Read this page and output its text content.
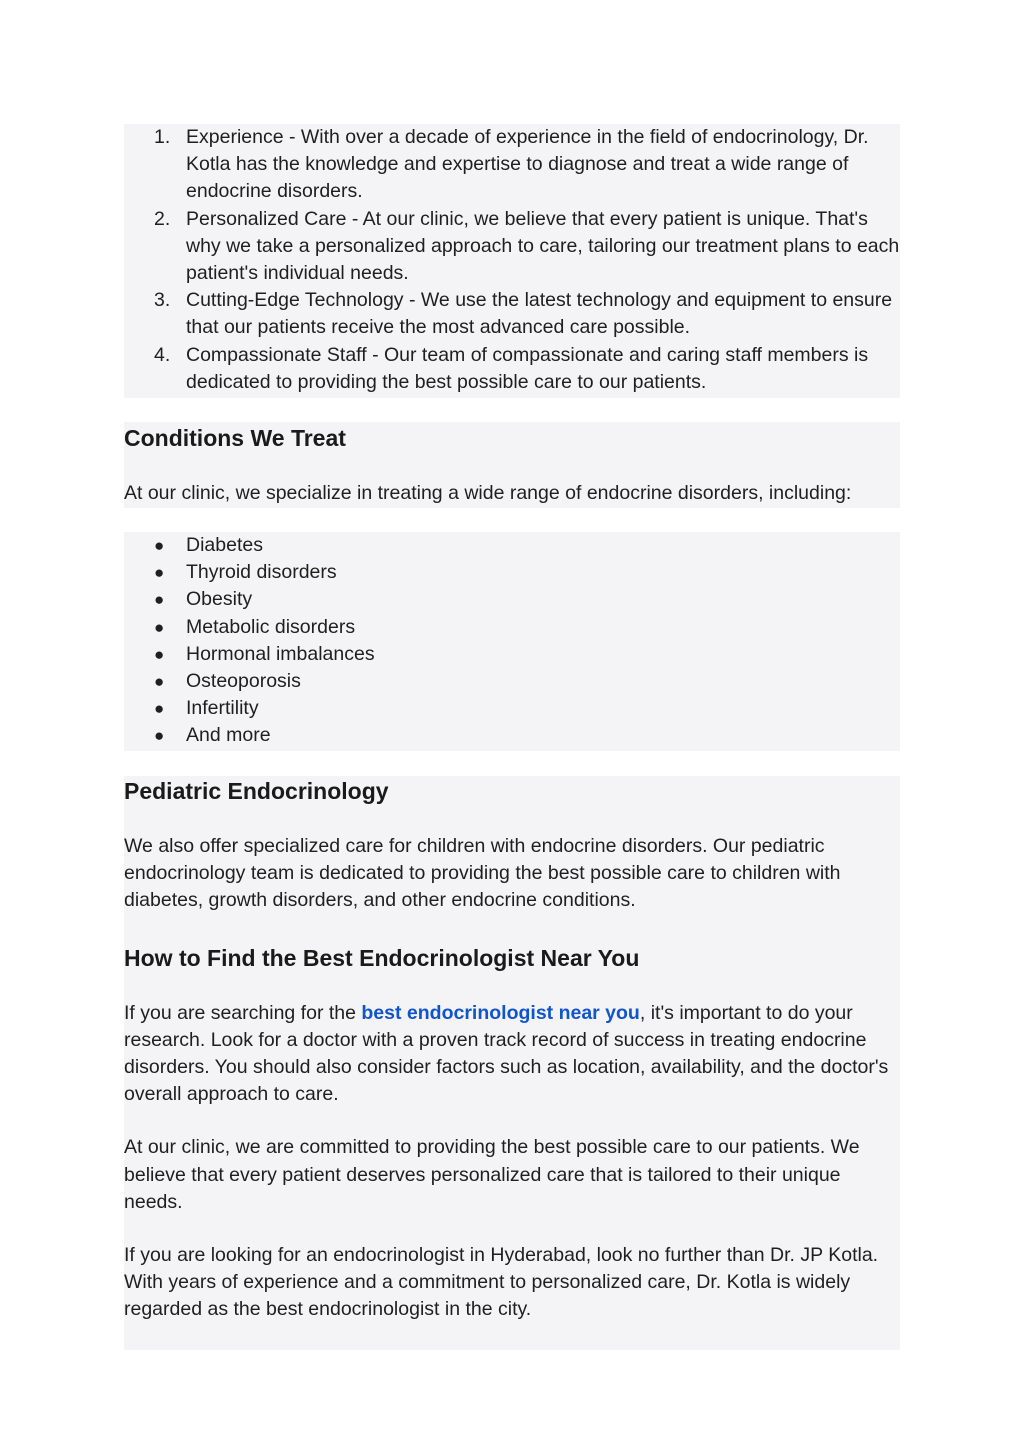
1. Experience - With over a decade of experience in the field of endocrinology, Dr. Kotla has the knowledge and expertise to diagnose and treat a wide range of endocrine disorders.
2. Personalized Care - At our clinic, we believe that every patient is unique. That's why we take a personalized approach to care, tailoring our treatment plans to each patient's individual needs.
3. Cutting-Edge Technology - We use the latest technology and equipment to ensure that our patients receive the most advanced care possible.
4. Compassionate Staff - Our team of compassionate and caring staff members is dedicated to providing the best possible care to our patients.
Conditions We Treat

At our clinic, we specialize in treating a wide range of endocrine disorders, including:

● Diabetes
● Thyroid disorders
● Obesity
● Metabolic disorders
● Hormonal imbalances
● Osteoporosis
● Infertility
● And more
Pediatric Endocrinology

We also offer specialized care for children with endocrine disorders. Our pediatric endocrinology team is dedicated to providing the best possible care to children with diabetes, growth disorders, and other endocrine conditions.

How to Find the Best Endocrinologist Near You

If you are searching for the best endocrinologist near you, it's important to do your research. Look for a doctor with a proven track record of success in treating endocrine disorders. You should also consider factors such as location, availability, and the doctor's overall approach to care.

At our clinic, we are committed to providing the best possible care to our patients. We believe that every patient deserves personalized care that is tailored to their unique needs.

If you are looking for an endocrinologist in Hyderabad, look no further than Dr. JP Kotla. With years of experience and a commitment to personalized care, Dr. Kotla is widely regarded as the best endocrinologist in the city.
